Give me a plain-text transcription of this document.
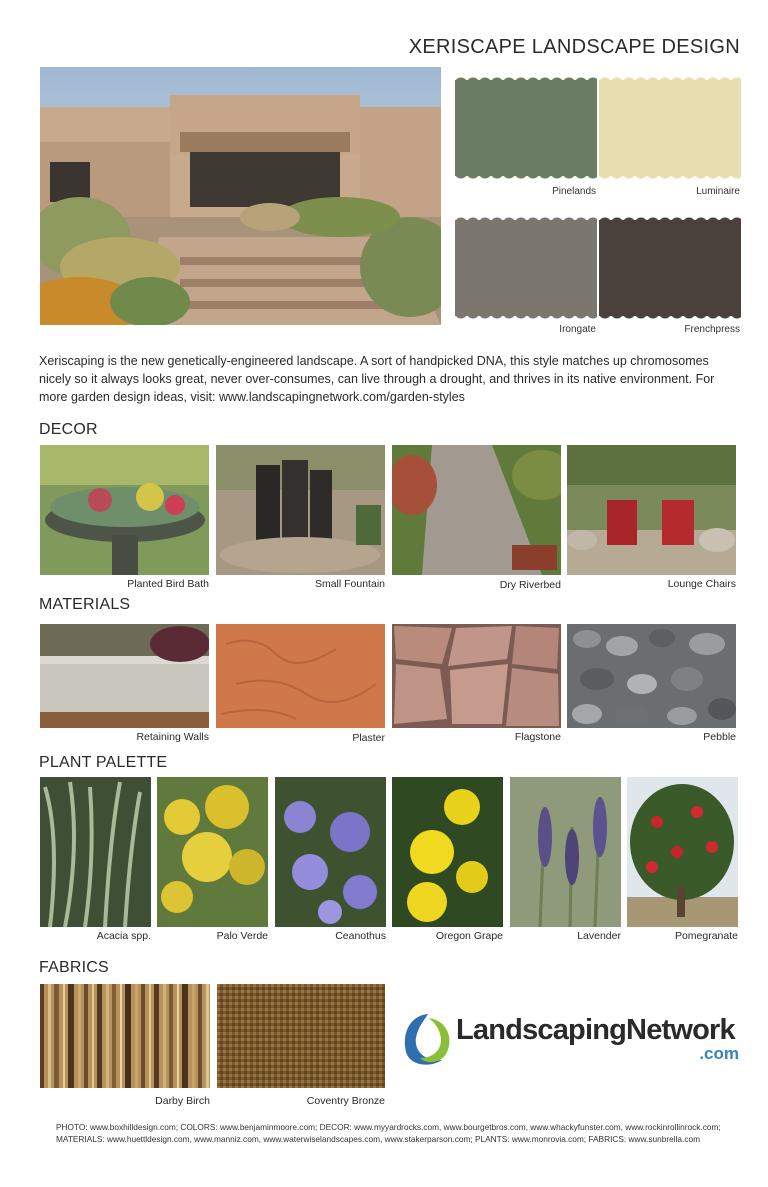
XERISCAPE LANDSCAPE DESIGN
Pinelands	Luminaire
Irongate	Frenchpress
Xeriscaping is the new genetically-engineered landscape. A sort of handpicked DNA, this style matches up chromosomes nicely so it always looks great, never over-consumes, can live through a drought, and thrives in its native environment. For more garden design ideas, visit: www.landscapingnetwork.com/garden-styles
DECOR
Planted Bird Bath	Small Fountain	Dry Riverbed	Lounge Chairs
MATERIALS
Retaining Walls	Plaster	Flagstone	Pebble
PLANT PALETTE
Acacia spp.	Palo Verde	Ceanothus	Oregon Grape	Lavender	Pomegranate
FABRICS
Darby Birch	Coventry Bronze
LandscapingNetwork
.com
PHOTO: www.boxhilldesign.com; COLORS: www.benjaminmoore.com; DECOR: www.myyardrocks.com, www.bourgetbros.com, www.whackyfunster.com, www.rockinrollinrock.com; MATERIALS: www.huettldesign.com, www.manniz.com, www.waterwiselandscapes.com, www.stakerparson.com; PLANTS: www.monrovia.com; FABRICS: www.sunbrella.com
